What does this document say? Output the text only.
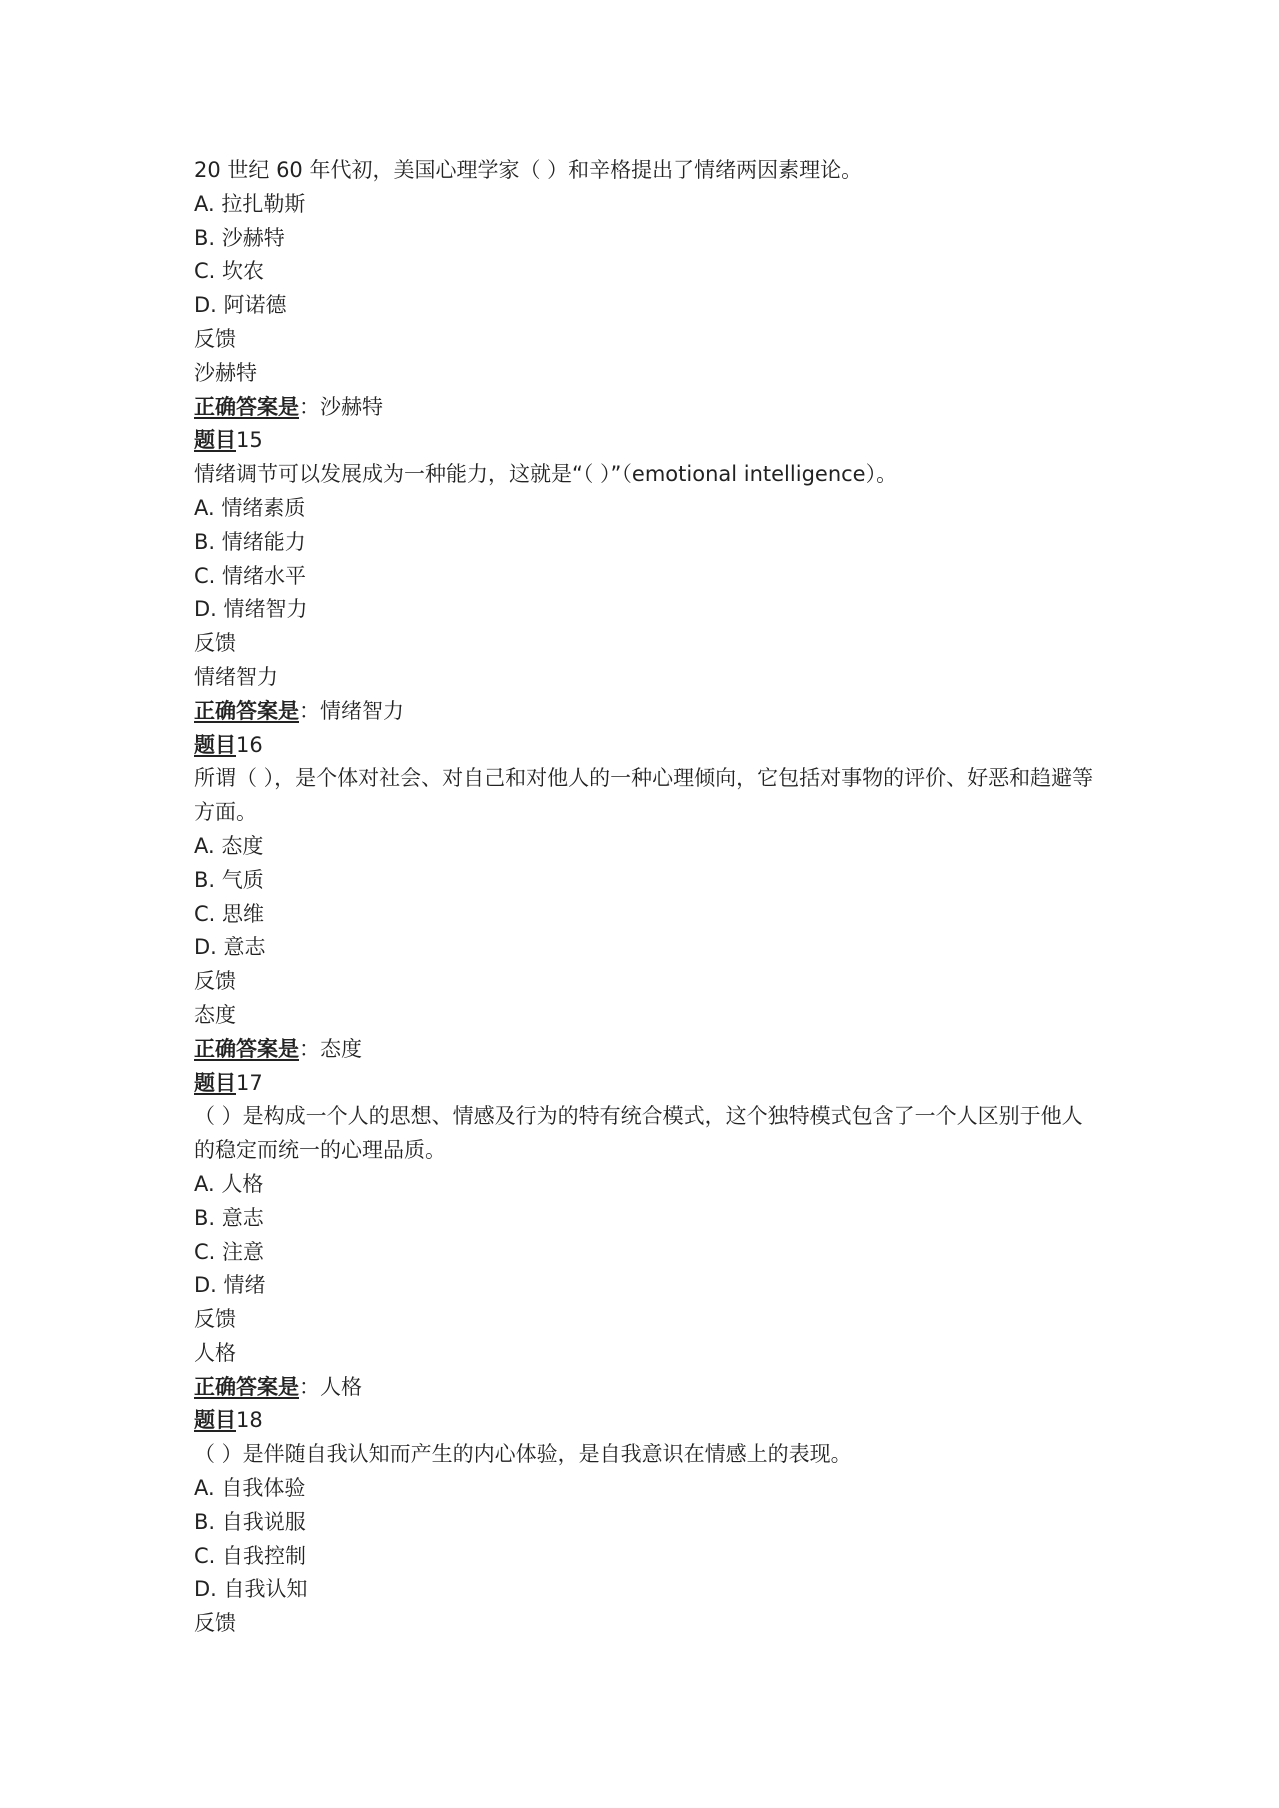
20 世纪 60 年代初，美国心理学家（ ）和辛格提出了情绪两因素理论。
A. 拉扎勒斯
B. 沙赫特
C. 坎农
D. 阿诺德
反馈
沙赫特
正确答案是：沙赫特
题目15
情绪调节可以发展成为一种能力，这就是“（ ）”（emotional intelligence）。
A. 情绪素质
B. 情绪能力
C. 情绪水平
D. 情绪智力
反馈
情绪智力
正确答案是：情绪智力
题目16
所谓（ ），是个体对社会、对自己和对他人的一种心理倾向，它包括对事物的评价、好恶和趋避等方面。
A. 态度
B. 气质
C. 思维
D. 意志
反馈
态度
正确答案是：态度
题目17
（ ）是构成一个人的思想、情感及行为的特有统合模式，这个独特模式包含了一个人区别于他人的稳定而统一的心理品质。
A. 人格
B. 意志
C. 注意
D. 情绪
反馈
人格
正确答案是：人格
题目18
（ ）是伴随自我认知而产生的内心体验，是自我意识在情感上的表现。
A. 自我体验
B. 自我说服
C. 自我控制
D. 自我认知
反馈
